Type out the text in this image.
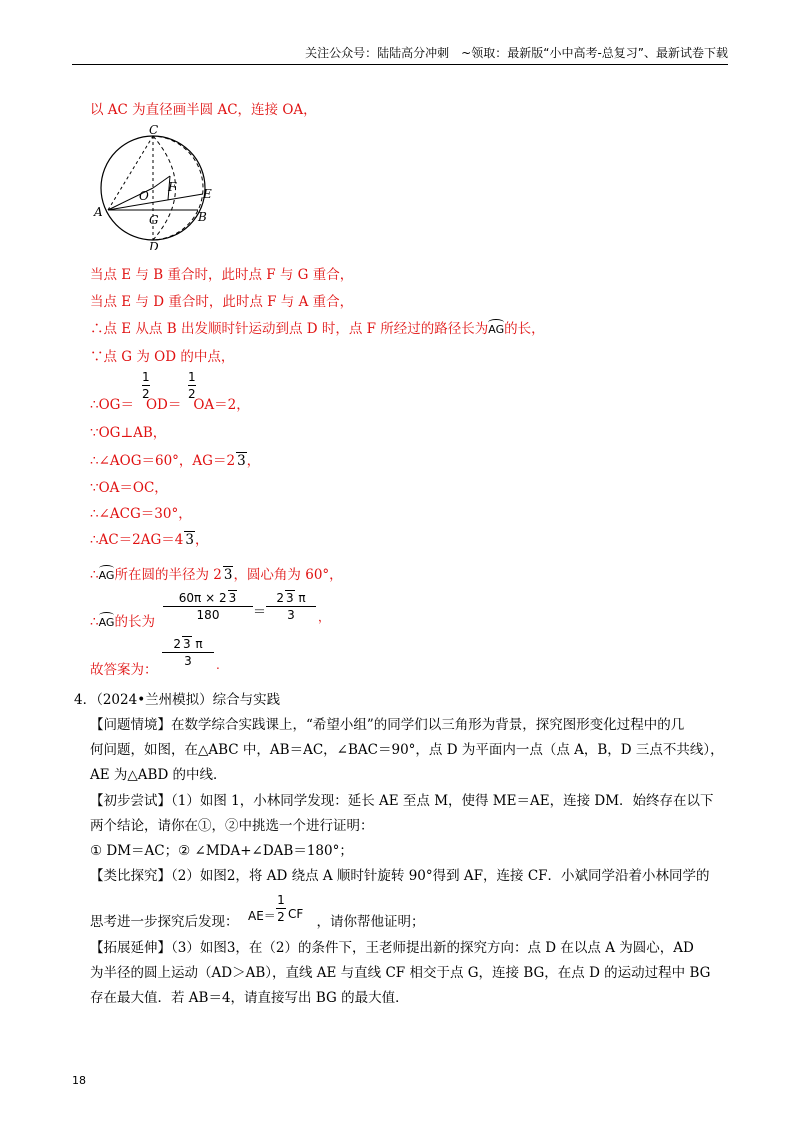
关注公众号：陆陆高分冲刺　~领取：最新版“小中高考-总复习”、最新试卷下载
以 AC 为直径画半圆 AC，连接 OA，
C
O
F E
A
G	B
D
当点 E 与 B 重合时，此时点 F 与 G 重合，
当点 E 与 D 重合时，此时点 F 与 A 重合，
∴点 E 从点 B 出发顺时针运动到点 D 时，点 F 所经过的路径长为AG的长，
∵点 G 为 OD 的中点，
∴OG＝ OD＝ OA＝2，
1
2
1
2
∵OG⊥AB，
∴∠AOG＝60°，AG＝2 3，
∵OA＝OC，
∴∠ACG＝30°，
∴AC＝2AG＝4 3，
∴AG所在圆的半径为 2 3，圆心角为 60°，
∴AG的长为
60π × 2 3
180	＝
2 3 π
3	，
故答案为：
2 3 π
3	.
4．（2024•兰州模拟）综合与实践
【问题情境】在数学综合实践课上，“希望小组”的同学们以三角形为背景，探究图形变化过程中的几
何问题，如图，在△ABC 中，AB＝AC，∠BAC＝90°，点 D 为平面内一点（点 A，B，D 三点不共线），
AE 为△ABD 的中线．
【初步尝试】（1）如图 1，小林同学发现：延长 AE 至点 M，使得 ME＝AE，连接 DM．始终存在以下
两个结论，请你在①，②中挑选一个进行证明：
① DM＝AC；② ∠MDA+∠DAB＝180°；
【类比探究】（2）如图2，将 AD 绕点 A 顺时针旋转 90°得到 AF，连接 CF．小斌同学沿着小林同学的
思考进一步探究后发现：	，请你帮他证明；
AE＝
1
2 CF
【拓展延伸】（3）如图3，在（2）的条件下，王老师提出新的探究方向：点 D 在以点 A 为圆心，AD
为半径的圆上运动（AD＞AB），直线 AE 与直线 CF 相交于点 G，连接 BG，在点 D 的运动过程中 BG
存在最大值．若 AB＝4，请直接写出 BG 的最大值．
18
